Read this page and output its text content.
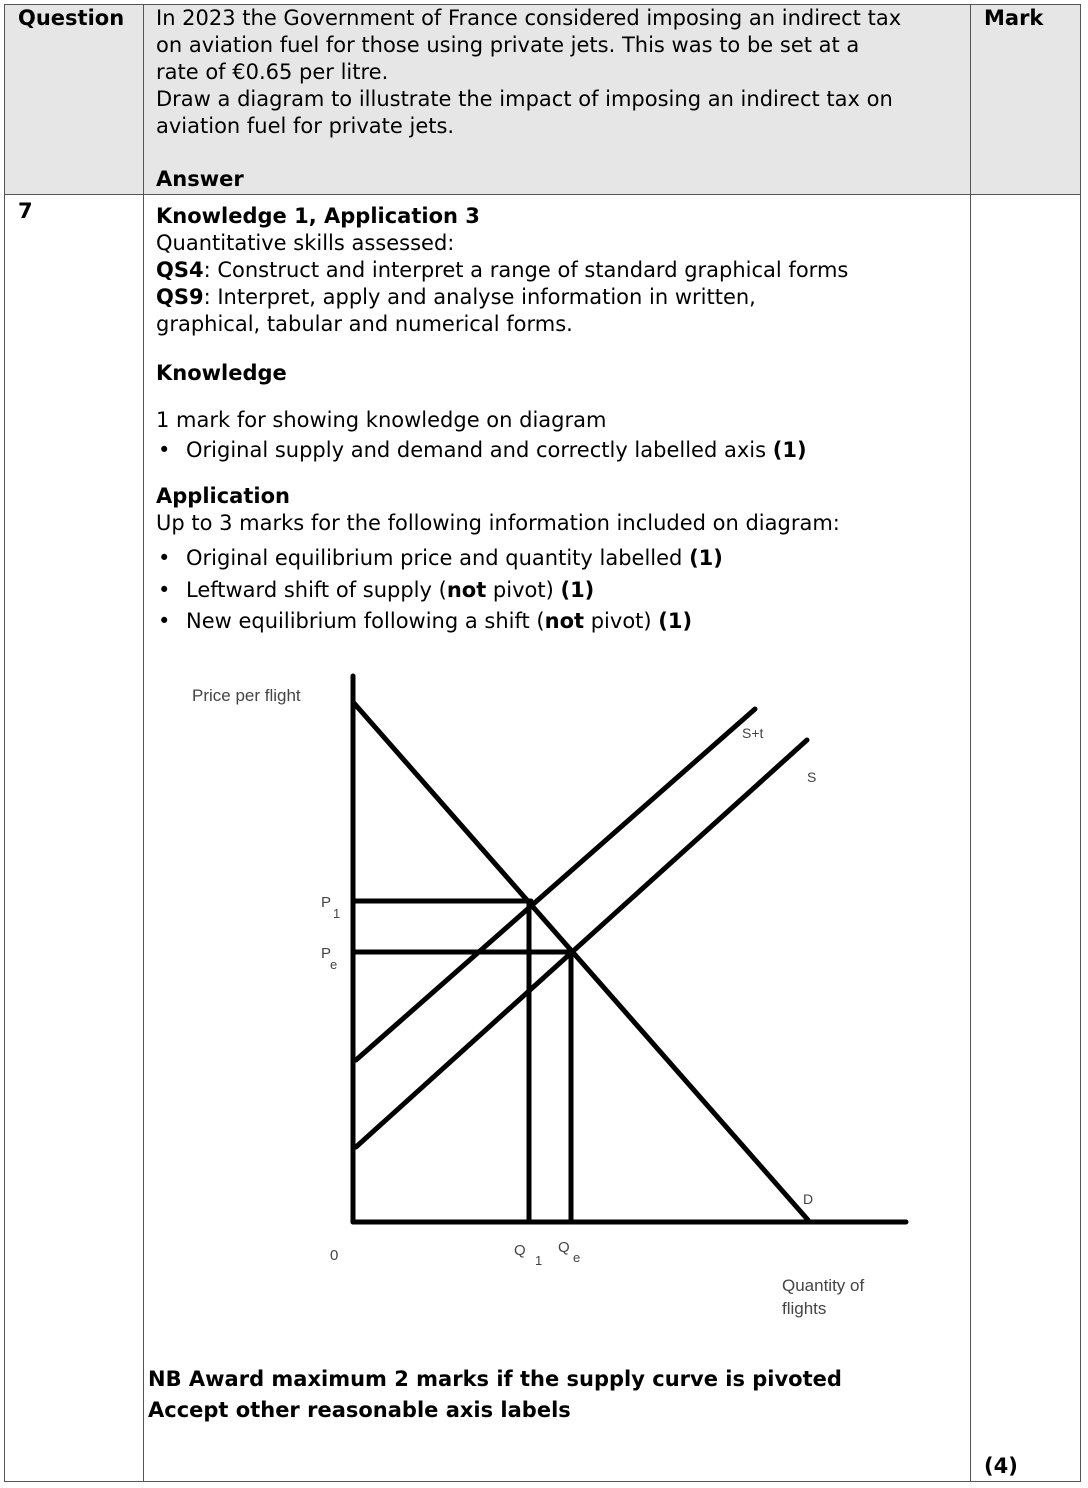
Question	Mark

In 2023 the Government of France considered imposing an indirect tax

on aviation fuel for those using private jets. This was to be set at a

rate of €0.65 per litre.

Draw a diagram to illustrate the impact of imposing an indirect tax on

aviation fuel for private jets.

Answer
7
(4)

Knowledge 1, Application 3

Quantitative skills assessed:

QS4: Construct and interpret a range of standard graphical forms

QS9: Interpret, apply and analyse information in written,

graphical, tabular and numerical forms.

Knowledge
1 mark for showing knowledge on diagram
• Original supply and demand and correctly labelled axis (1)
Application
Up to 3 marks for the following information included on diagram:
• Original equilibrium price and quantity labelled (1)
• Leftward shift of supply (not pivot) (1)
• New equilibrium following a shift (not pivot) (1)
Price per flight
Quantity of
flights
0
S+t
S
D
P
1
P
e
Q
1
Q
e

NB Award maximum 2 marks if the supply curve is pivoted

Accept other reasonable axis labels
